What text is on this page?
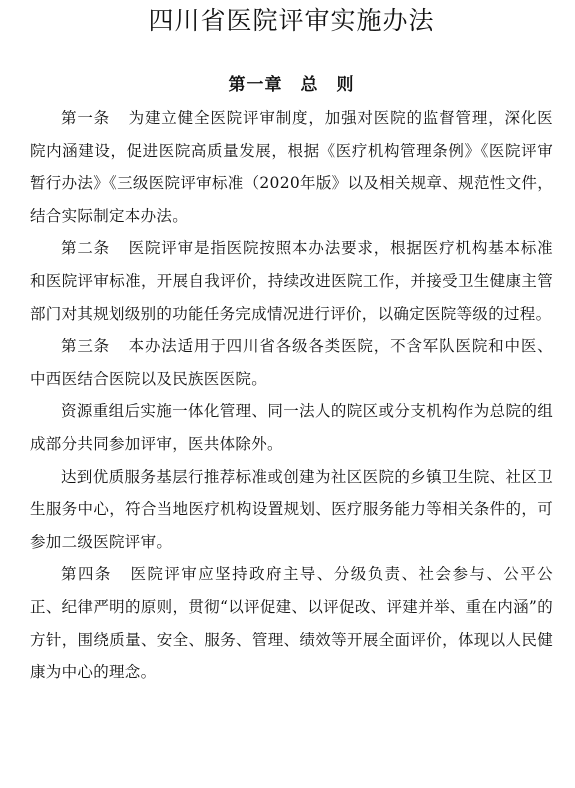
四川省医院评审实施办法
第一章　总　则

第一条 为建立健全医院评审制度，加强对医院的监督管理，深化医院内涵建设，促进医院高质量发展，根据《医疗机构管理条例》《医院评审暂行办法》《三级医院评审标准（2020年版》以及相关规章、规范性文件，结合实际制定本办法。

第二条 医院评审是指医院按照本办法要求，根据医疗机构基本标准和医院评审标准，开展自我评价，持续改进医院工作，并接受卫生健康主管部门对其规划级别的功能任务完成情况进行评价，以确定医院等级的过程。

第三条 本办法适用于四川省各级各类医院，不含军队医院和中医、中西医结合医院以及民族医医院。

资源重组后实施一体化管理、同一法人的院区或分支机构作为总院的组成部分共同参加评审，医共体除外。

达到优质服务基层行推荐标准或创建为社区医院的乡镇卫生院、社区卫生服务中心，符合当地医疗机构设置规划、医疗服务能力等相关条件的，可参加二级医院评审。

第四条 医院评审应坚持政府主导、分级负责、社会参与、公平公正、纪律严明的原则，贯彻“以评促建、以评促改、评建并举、重在内涵”的方针，围绕质量、安全、服务、管理、绩效等开展全面评价，体现以人民健康为中心的理念。
